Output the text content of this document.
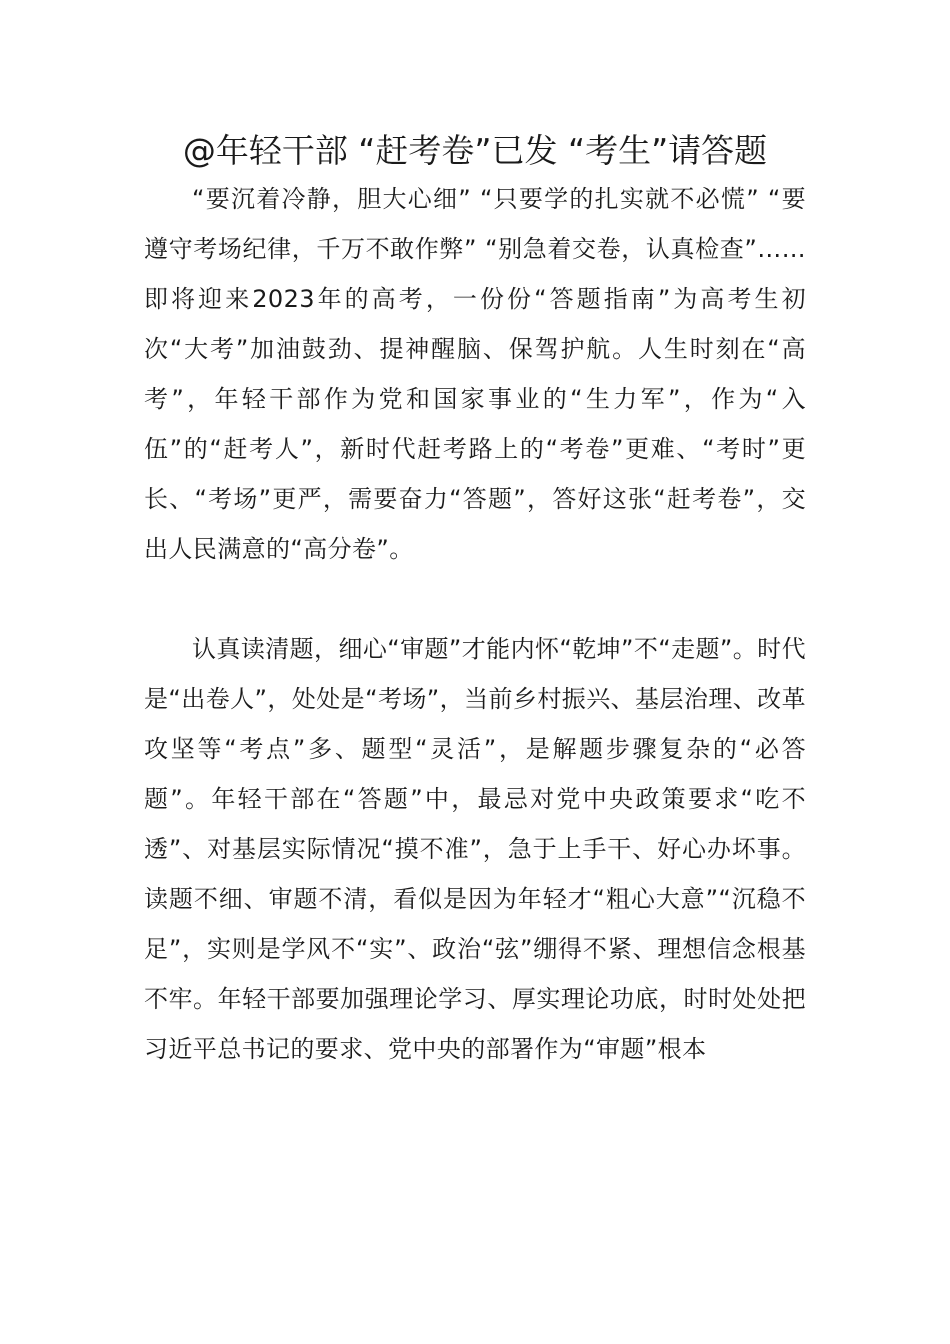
@年轻干部 “赶考卷”已发 “考生”请答题

“要沉着冷静，胆大心细” “只要学的扎实就不必慌” “要遵守考场纪律，千万不敢作弊” “别急着交卷，认真检查”……即将迎来2023年的高考，一份份“答题指南”为高考生初次“大考”加油鼓劲、提神醒脑、保驾护航。人生时刻在“高考”，年轻干部作为党和国家事业的“生力军”，作为“入伍”的“赶考人”，新时代赶考路上的“考卷”更难、“考时”更长、“考场”更严，需要奋力“答题”，答好这张“赶考卷”，交出人民满意的“高分卷”。

认真读清题，细心“审题”才能内怀“乾坤”不“走题”。时代是“出卷人”，处处是“考场”，当前乡村振兴、基层治理、改革攻坚等“考点”多、题型“灵活”，是解题步骤复杂的“必答题”。年轻干部在“答题”中，最忌对党中央政策要求“吃不透”、对基层实际情况“摸不准”，急于上手干、好心办坏事。读题不细、审题不清，看似是因为年轻才“粗心大意”“沉稳不足”，实则是学风不“实”、政治“弦”绷得不紧、理想信念根基不牢。年轻干部要加强理论学习、厚实理论功底，时时处处把习近平总书记的要求、党中央的部署作为“审题”根本
